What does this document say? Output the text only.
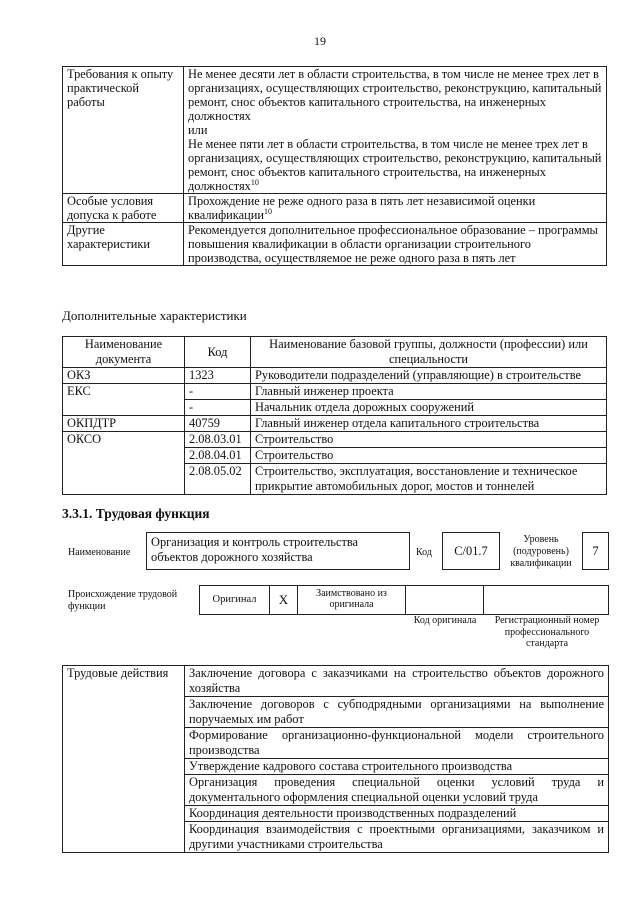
19
Требования к опыту практической работы	Не менее десяти лет в области строительства, в том числе не менее трех лет в организациях, осуществляющих строительство, реконструкцию, капитальный ремонт, снос объектов капитального строительства, на инженерных должностях
или
Не менее пяти лет в области строительства, в том числе не менее трех лет в организациях, осуществляющих строительство, реконструкцию, капитальный ремонт, снос объектов капитального строительства, на инженерных должностях$^{10}$

Особые условия допуска к работе	Прохождение не реже одного раза в пять лет независимой оценки квалификации$^{10}$
Другие характеристики	Рекомендуется дополнительное профессиональное образование – программы повышения квалификации в области организации строительного производства, осуществляемое не реже одного раза в пять лет
Дополнительные характеристики
Наименование документа	Код	Наименование базовой группы, должности (профессии) или специальности
ОКЗ	1323	Руководители подразделений (управляющие) в строительстве
ЕКС	-	Главный инженер проекта
	-	Начальник отдела дорожных сооружений
ОКПДТР	40759	Главный инженер отдела капитального строительства
ОКСО	2.08.03.01	Строительство
	2.08.04.01	Строительство
	2.08.05.02	Строительство, эксплуатация, восстановление и техническое прикрытие автомобильных дорог, мостов и тоннелей
3.3.1. Трудовая функция
Наименование
Организация и контроль строительства объектов дорожного хозяйства	Код	С/01.7
Уровень (подуровень) квалификации
7
Происхождение трудовой функции
Оригинал	X	Заимствовано из оригинала
Код оригинала	Регистрационный номер профессионального стандарта
Трудовые действия	Заключение договора с заказчиками на строительство объектов дорожного хозяйства
Заключение договоров с субподрядными организациями на выполнение поручаемых им работ
Формирование организационно-функциональной модели строительного производства
Утверждение кадрового состава строительного производства
Организация проведения специальной оценки условий труда и документального оформления специальной оценки условий труда
Координация деятельности производственных подразделений
Координация взаимодействия с проектными организациями, заказчиком и другими участниками строительства
